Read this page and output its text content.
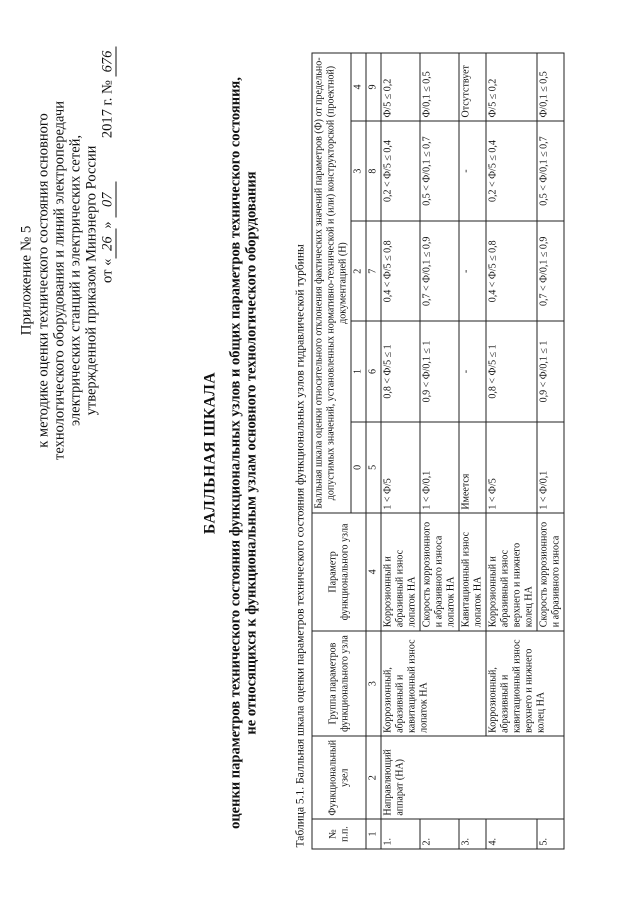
Приложение № 5 к методике оценки технического состояния основного технологического оборудования и линий электропередачи электрических станций и электрических сетей, утвержденной приказом Минэнерго России от «26» 07 2017 г. № 676
БАЛЛЬНАЯ ШКАЛА оценки параметров технического состояния функциональных узлов и общих параметров технического состояния, не относящихся к функциональным узлам основного технологического оборудования	Таблица 5.1. Балльная шкала оценки параметров технического состояния функциональных узлов гидравлической турбины № п.п.	Функциональный узел	Группа параметров функционального узла	Параметр функционального узла	Балльная шкала оценки относительного отклонения фактических значений параметров (Ф) от предельно-допустимых значений, установленных нормативно-технической и (или) конструкторской (проектной) документацией (Н)				
				0	1	2	3	4
1	2	3	4	5	6	7	8	9
1.	Направляющий аппарат (НА)	Коррозионный, абразивный и кавитационный износ лопаток НА	Коррозионный и абразивный износ лопаток НА	1 < Ф/5	0,8 < Ф/5 ≤ 1	0,4 < Ф/5 ≤ 0,8	0,2 < Ф/5 ≤ 0,4	Ф/5 ≤ 0,2
2.			Скорость коррозионного и абразивного износа лопаток НА	1 < Ф/0,1	0,9 < Ф/0,1 ≤ 1	0,7 < Ф/0,1 ≤ 0,9	0,5 < Ф/0,1 ≤ 0,7	Ф/0,1 ≤ 0,5
3.			Кавитационный износ лопаток НА	Имеется	-	-	-	Отсутствует
4.		Коррозионный, абразивный и кавитационный износ верхнего и нижнего колец НА	Коррозионный и абразивный износ верхнего и нижнего колец НА	1 < Ф/5	0,8 < Ф/5 ≤ 1	0,4 < Ф/5 ≤ 0,8	0,2 < Ф/5 ≤ 0,4	Ф/5 ≤ 0,2
5.			Скорость коррозионного и абразивного износа	1 < Ф/0,1	0,9 < Ф/0,1 ≤ 1	0,7 < Ф/0,1 ≤ 0,9	0,5 < Ф/0,1 ≤ 0,7	Ф/0,1 ≤ 0,5
